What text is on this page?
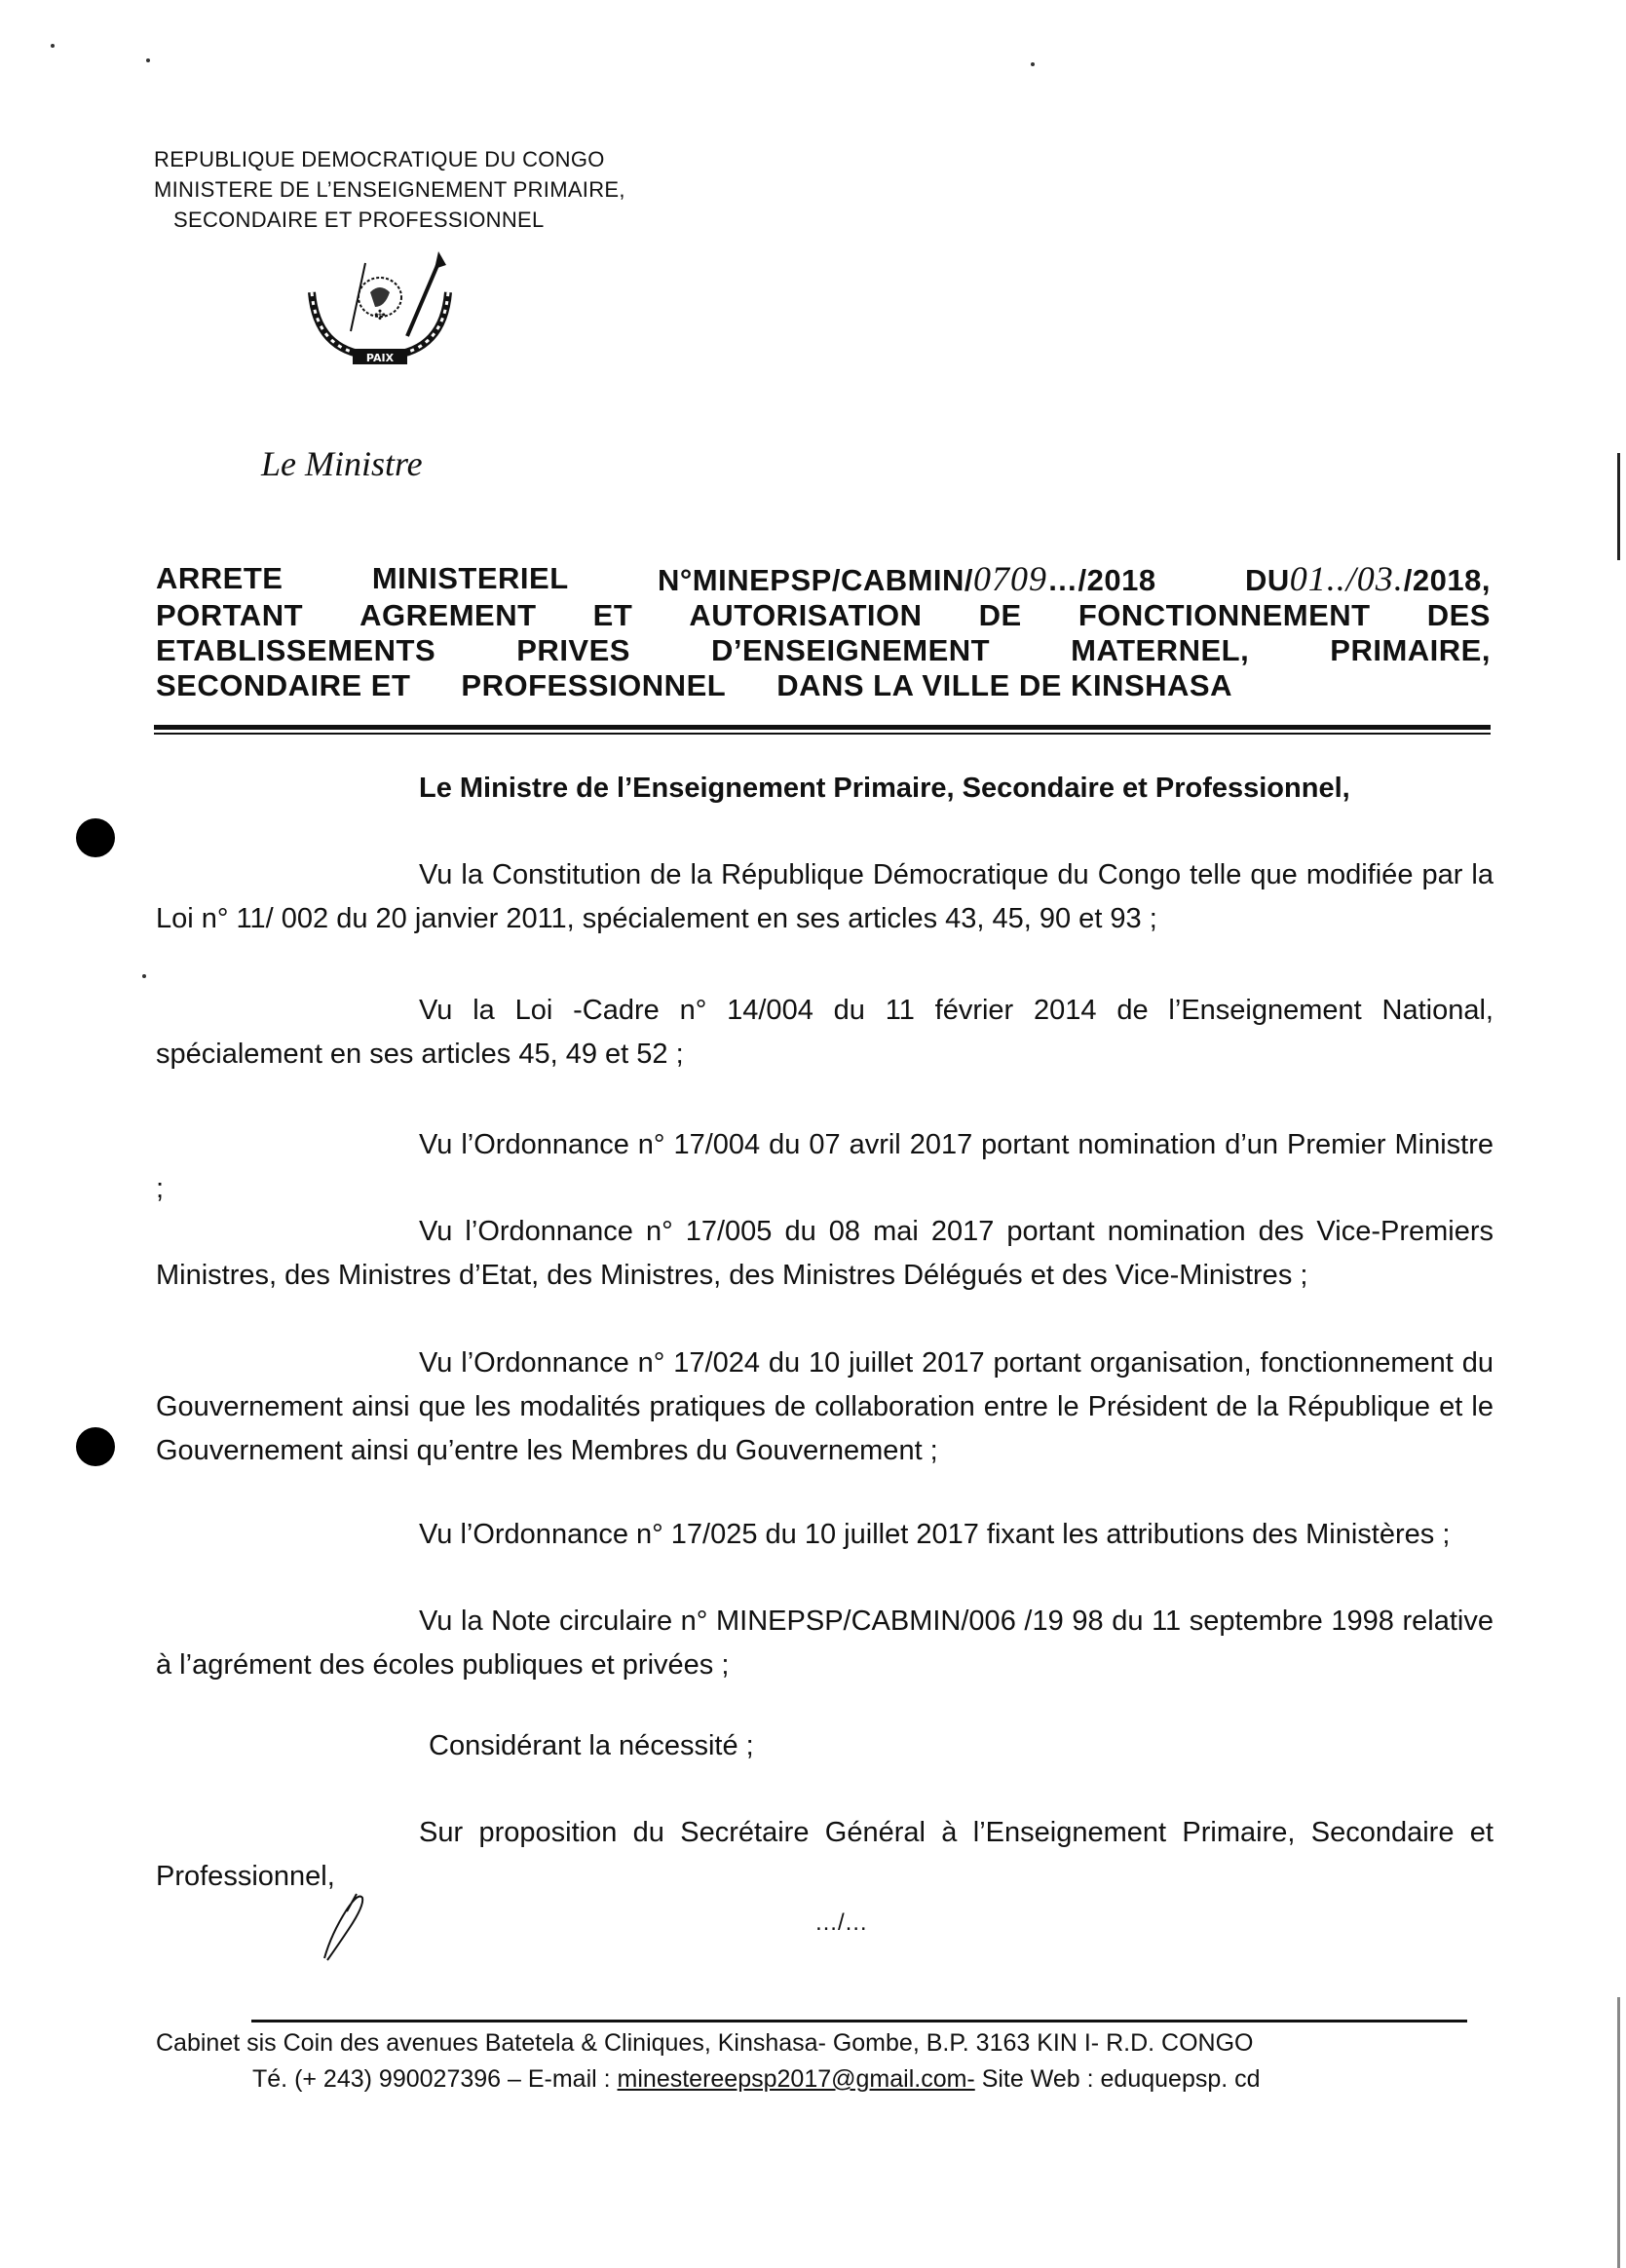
REPUBLIQUE DEMOCRATIQUE DU CONGO
MINISTERE DE L’ENSEIGNEMENT PRIMAIRE,
SECONDAIRE ET PROFESSIONNEL
PAIX
✣
Le Ministre
ARRETE	MINISTERIEL	N°MINEPSP/CABMIN/0709…/2018	DU01../03./2018,
PORTANT AGREMENT ET AUTORISATION DE FONCTIONNEMENT DES
ETABLISSEMENTS	PRIVES	D’ENSEIGNEMENT	MATERNEL,	PRIMAIRE,
SECONDAIRE ET PROFESSIONNEL DANS LA VILLE DE KINSHASA
Le Ministre de l’Enseignement Primaire, Secondaire et Professionnel,
Vu la Constitution de la République Démocratique du Congo telle que modifiée par la Loi n° 11/ 002 du 20 janvier 2011, spécialement en ses articles 43, 45, 90 et 93 ;
Vu la Loi -Cadre n° 14/004 du 11 février 2014 de l’Enseignement National, spécialement en ses articles 45, 49 et 52 ;
Vu l’Ordonnance n° 17/004 du 07 avril 2017 portant nomination d’un Premier Ministre ;
Vu l’Ordonnance n° 17/005 du 08 mai 2017 portant nomination des Vice-Premiers Ministres, des Ministres d’Etat, des Ministres, des Ministres Délégués et des Vice-Ministres ;
Vu l’Ordonnance n° 17/024 du 10 juillet 2017 portant organisation, fonctionnement du Gouvernement ainsi que les modalités pratiques de collaboration entre le Président de la République et le Gouvernement ainsi qu’entre les Membres du Gouvernement ;
Vu l’Ordonnance n° 17/025 du 10 juillet 2017 fixant les attributions des Ministères ;
Vu la Note circulaire n° MINEPSP/CABMIN/006 /19 98 du 11 septembre 1998 relative à l’agrément des écoles publiques et privées ;
Considérant la nécessité ;
Sur proposition du Secrétaire Général à l’Enseignement Primaire, Secondaire et Professionnel,
…/…
Cabinet sis Coin des avenues Batetela & Cliniques, Kinshasa- Gombe, B.P. 3163 KIN I- R.D. CONGO
Té. (+ 243) 990027396 – E-mail : minestereepsp2017@gmail.com- Site Web : eduquepsp. cd
